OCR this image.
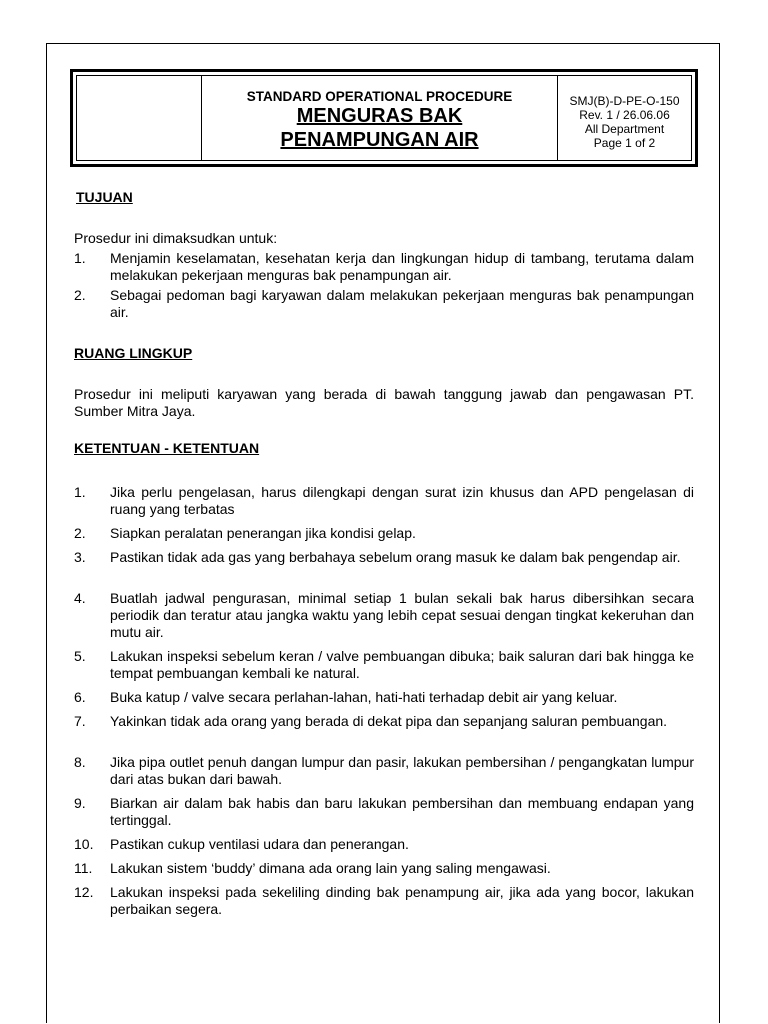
STANDARD OPERATIONAL PROCEDURE
MENGURAS BAK
PENAMPUNGAN AIR
SMJ(B)-D-PE-O-150
Rev. 1 / 26.06.06
All Department
Page 1 of 2
TUJUAN
Prosedur ini dimaksudkan untuk:
1. Menjamin keselamatan, kesehatan kerja dan lingkungan hidup di tambang, terutama dalam melakukan pekerjaan menguras bak penampungan air.
2. Sebagai pedoman bagi karyawan dalam melakukan pekerjaan menguras bak penampungan air.
RUANG LINGKUP
Prosedur ini meliputi karyawan yang berada di bawah tanggung jawab dan pengawasan PT. Sumber Mitra Jaya.
KETENTUAN - KETENTUAN
1. Jika perlu pengelasan, harus dilengkapi dengan surat izin khusus dan APD pengelasan di ruang yang terbatas
2. Siapkan peralatan penerangan jika kondisi gelap.
3. Pastikan tidak ada gas yang berbahaya sebelum orang masuk ke dalam bak pengendap air.
4. Buatlah jadwal pengurasan, minimal setiap 1 bulan sekali bak harus dibersihkan secara periodik dan teratur atau jangka waktu yang lebih cepat sesuai dengan tingkat kekeruhan dan mutu air.
5. Lakukan inspeksi sebelum keran / valve pembuangan dibuka; baik saluran dari bak hingga ke tempat pembuangan kembali ke natural.
6. Buka katup / valve secara perlahan-lahan, hati-hati terhadap debit air yang keluar.
7. Yakinkan tidak ada orang yang berada di dekat pipa dan sepanjang saluran pembuangan.
8. Jika pipa outlet penuh dangan lumpur dan pasir, lakukan pembersihan / pengangkatan lumpur dari atas bukan dari bawah.
9. Biarkan air dalam bak habis dan baru lakukan pembersihan dan membuang endapan yang tertinggal.
10. Pastikan cukup ventilasi udara dan penerangan.
11. Lakukan sistem ‘buddy’ dimana ada orang lain yang saling mengawasi.
12. Lakukan inspeksi pada sekeliling dinding bak penampung air, jika ada yang bocor, lakukan perbaikan segera.
